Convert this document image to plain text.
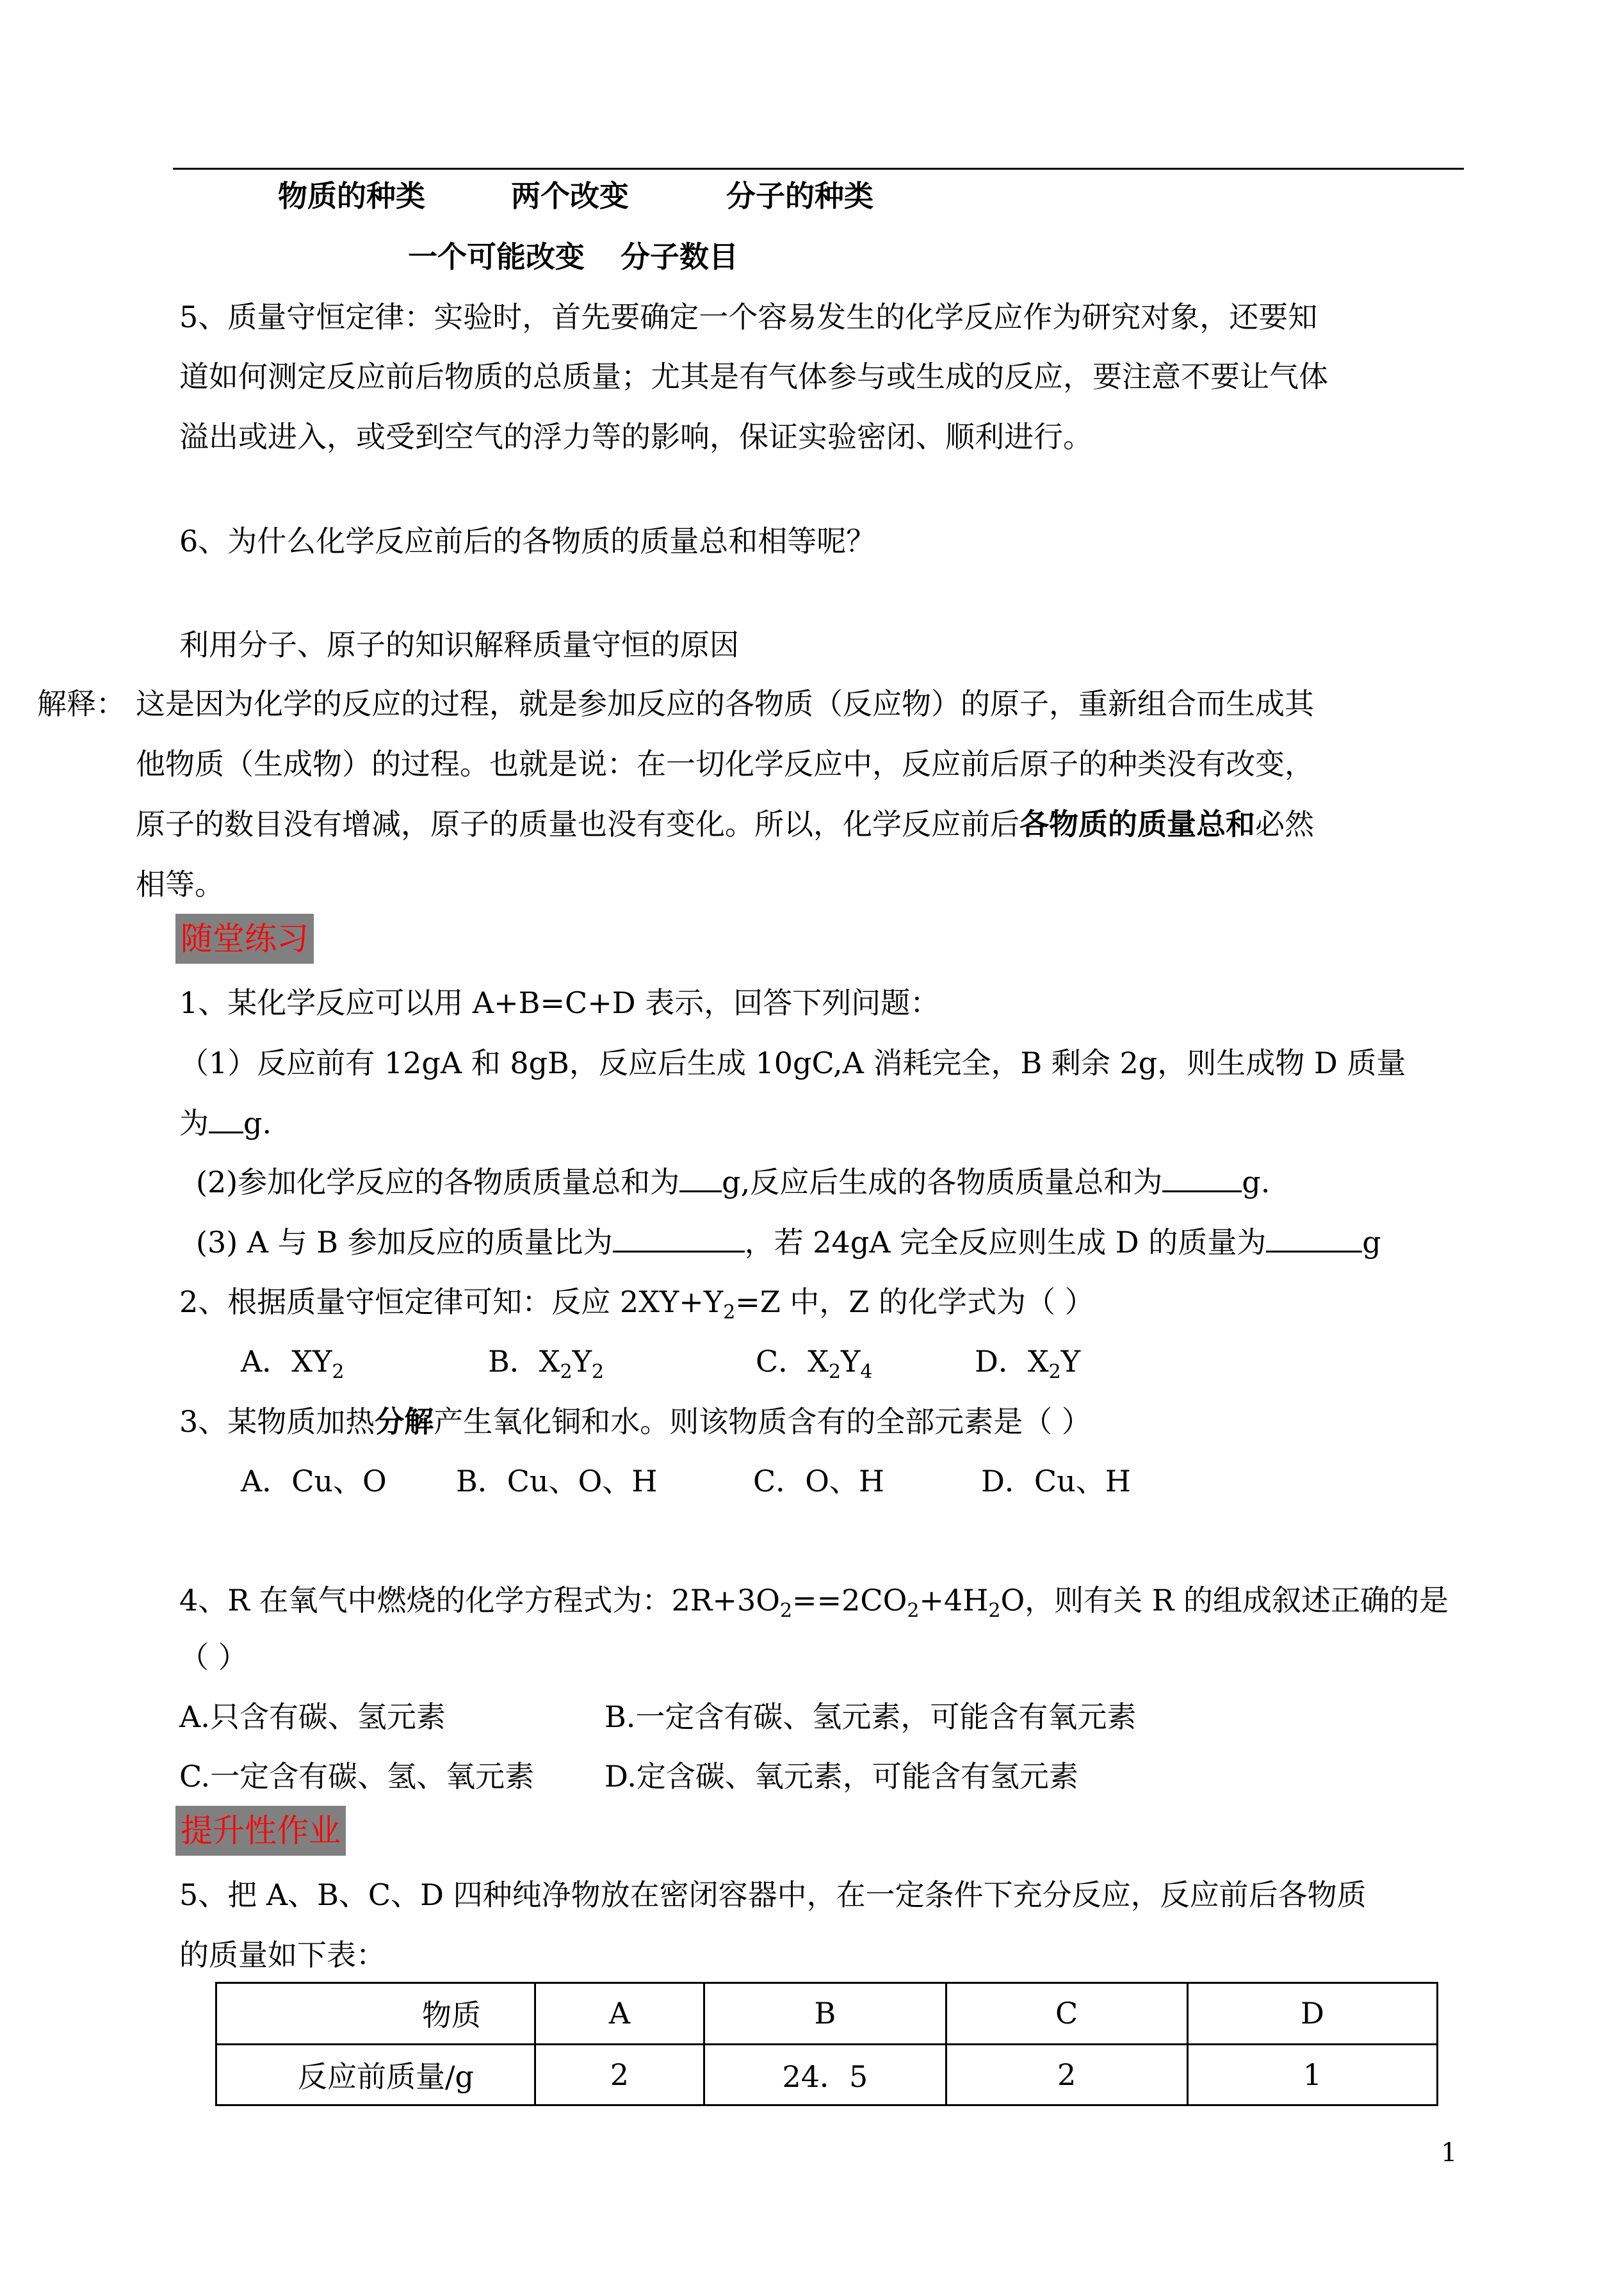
物质的种类	两个改变	分子的种类
一个可能改变 分子数目
5、质量守恒定律：实验时，首先要确定一个容易发生的化学反应作为研究对象，还要知
道如何测定反应前后物质的总质量；尤其是有气体参与或生成的反应，要注意不要让气体
溢出或进入，或受到空气的浮力等的影响，保证实验密闭、顺利进行。
6、为什么化学反应前后的各物质的质量总和相等呢？
利用分子、原子的知识解释质量守恒的原因
解释： 这是因为化学的反应的过程，就是参加反应的各物质（反应物）的原子，重新组合而生成其
他物质（生成物）的过程。也就是说：在一切化学反应中，反应前后原子的种类没有改变，
原子的数目没有增减，原子的质量也没有变化。所以，化学反应前后各物质的质量总和必然
相等。
随堂练习
1、某化学反应可以用 A+B=C+D 表示，回答下列问题：
（1）反应前有 12gA 和 8gB，反应后生成 10gC,A 消耗完全，B 剩余 2g，则生成物 D 质量
为 g.
(2)参加化学反应的各物质质量总和为 g,反应后生成的各物质质量总和为	g.
(3) A 与 B 参加反应的质量比为	，若 24gA 完全反应则生成 D 的质量为	g
2、根据质量守恒定律可知：反应 $2XY+Y_2=Z$ 中，Z 的化学式为（ ）
A．$XY_2$	B．$X_2Y_2$	C．$X_2Y_4$	D．$X_2Y$
3、某物质加热分解产生氧化铜和水。则该物质含有的全部元素是（ ）
A．Cu、O B．Cu、O、H	C．O、H	D．Cu、H
4、R 在氧气中燃烧的化学方程式为：$2R+3O_2==2CO_2+4H_2O$，则有关 R 的组成叙述正确的是
（ ）
A.只含有碳、氢元素	B.一定含有碳、氢元素，可能含有氧元素
C.一定含有碳、氢、氧元素 D.定含碳、氧元素，可能含有氢元素
提升性作业
5、把 A、B、C、D 四种纯净物放在密闭容器中，在一定条件下充分反应，反应前后各物质
的质量如下表：
物质	A	B	C	D
反应前质量/g	2	24．5	2	1
1
